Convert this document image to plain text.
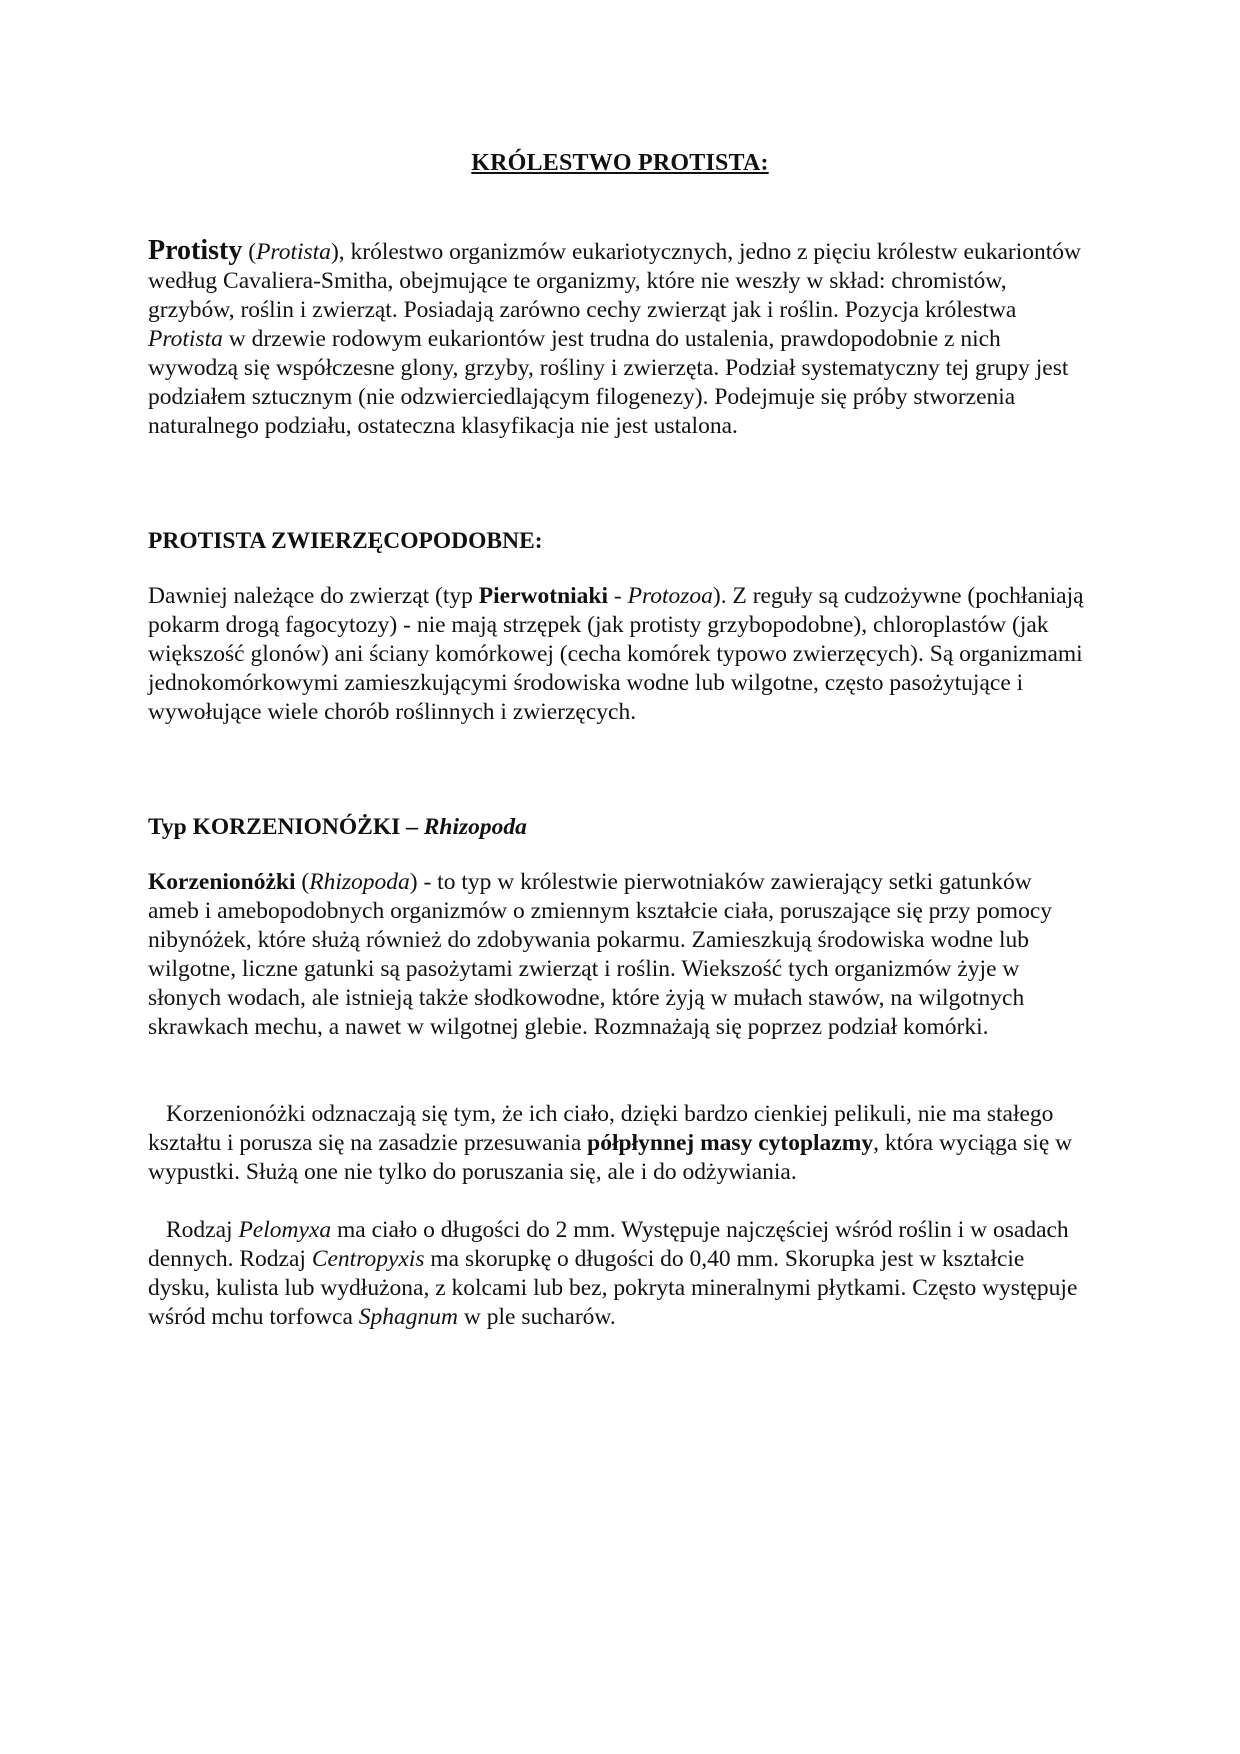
KRÓLESTWO PROTISTA:

Protisty (Protista), królestwo organizmów eukariotycznych, jedno z pięciu królestw eukariontów według Cavaliera-Smitha, obejmujące te organizmy, które nie weszły w skład: chromistów, grzybów, roślin i zwierząt. Posiadają zarówno cechy zwierząt jak i roślin. Pozycja królestwa Protista w drzewie rodowym eukariontów jest trudna do ustalenia, prawdopodobnie z nich wywodzą się współczesne glony, grzyby, rośliny i zwierzęta. Podział systematyczny tej grupy jest podziałem sztucznym (nie odzwierciedlającym filogenezy). Podejmuje się próby stworzenia naturalnego podziału, ostateczna klasyfikacja nie jest ustalona.

PROTISTA ZWIERZĘCOPODOBNE:

Dawniej należące do zwierząt (typ Pierwotniaki - Protozoa). Z reguły są cudzożywne (pochłaniają pokarm drogą fagocytozy) - nie mają strzępek (jak protisty grzybopodobne), chloroplastów (jak większość glonów) ani ściany komórkowej (cecha komórek typowo zwierzęcych). Są organizmami jednokomórkowymi zamieszkującymi środowiska wodne lub wilgotne, często pasożytujące i wywołujące wiele chorób roślinnych i zwierzęcych.

Typ KORZENIONÓŻKI – Rhizopoda

Korzenionóżki (Rhizopoda) - to typ w królestwie pierwotniaków zawierający setki gatunków ameb i amebopodobnych organizmów o zmiennym kształcie ciała, poruszające się przy pomocy nibynóżek, które służą również do zdobywania pokarmu. Zamieszkują środowiska wodne lub wilgotne, liczne gatunki są pasożytami zwierząt i roślin. Wiekszość tych organizmów żyje w słonych wodach, ale istnieją także słodkowodne, które żyją w mułach stawów, na wilgotnych skrawkach mechu, a nawet w wilgotnej glebie. Rozmnażają się poprzez podział komórki.

Korzenionóżki odznaczają się tym, że ich ciało, dzięki bardzo cienkiej pelikuli, nie ma stałego kształtu i porusza się na zasadzie przesuwania półpłynnej masy cytoplazmy, która wyciąga się w wypustki. Służą one nie tylko do poruszania się, ale i do odżywiania.

Rodzaj Pelomyxa ma ciało o długości do 2 mm. Występuje najczęściej wśród roślin i w osadach dennych. Rodzaj Centropyxis ma skorupkę o długości do 0,40 mm. Skorupka jest w kształcie dysku, kulista lub wydłużona, z kolcami lub bez, pokryta mineralnymi płytkami. Często występuje wśród mchu torfowca Sphagnum w ple sucharów.
